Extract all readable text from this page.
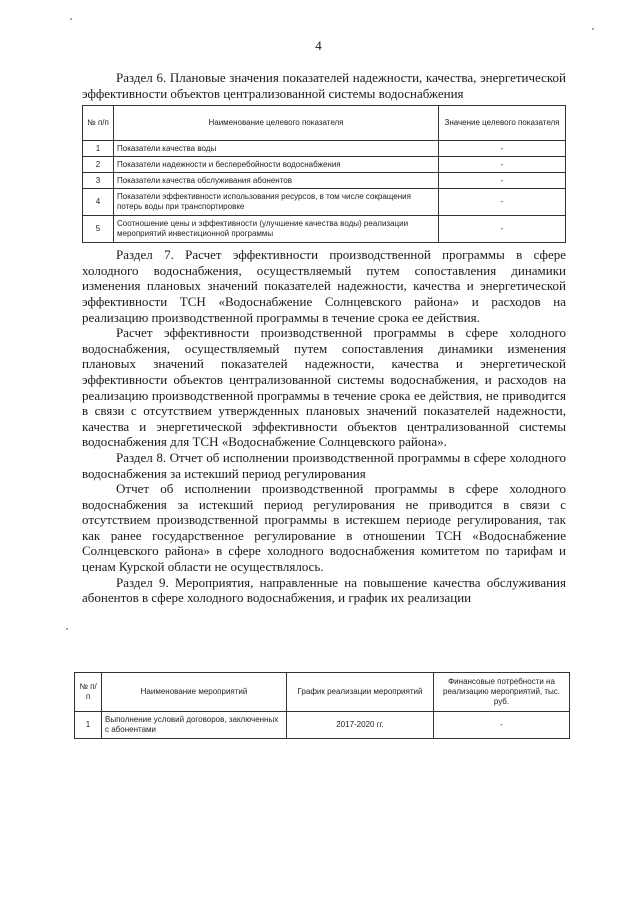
4

Раздел 6. Плановые значения показателей надежности, качества, энергетической эффективности объектов централизованной системы водоснабжения

№ п/п	Наименование целевого показателя	Значение целевого показателя
1	Показатели качества воды	-
2	Показатели надежности и бесперебойности водоснабжения	-
3	Показатели качества обслуживания абонентов	-
4	Показатели эффективности использования ресурсов, в том числе сокращения потерь воды при транспортировке	-
5	Соотношение цены и эффективности (улучшение качества воды) реализации мероприятий инвестиционной программы	-

Раздел 7. Расчет эффективности производственной программы в сфере холодного водоснабжения, осуществляемый путем сопоставления динамики изменения плановых значений показателей надежности, качества и энергетической эффективности ТСН «Водоснабжение Солнцевского района» и расходов на реализацию производственной программы в течение срока ее действия.

Расчет эффективности производственной программы в сфере холодного водоснабжения, осуществляемый путем сопоставления динамики изменения плановых значений показателей надежности, качества и энергетической эффективности объектов централизованной системы водоснабжения, и расходов на реализацию производственной программы в течение срока ее действия, не приводится в связи с отсутствием утвержденных плановых значений показателей надежности, качества и энергетической эффективности объектов централизованной системы водоснабжения для ТСН «Водоснабжение Солнцевского района».

Раздел 8. Отчет об исполнении производственной программы в сфере холодного водоснабжения за истекший период регулирования

Отчет об исполнении производственной программы в сфере холодного водоснабжения за истекший период регулирования не приводится в связи с отсутствием производственной программы в истекшем периоде регулирования, так как ранее государственное регулирование в отношении ТСН «Водоснабжение Солнцевского района» в сфере холодного водоснабжения комитетом по тарифам и ценам Курской области не осуществлялось.

Раздел 9. Мероприятия, направленные на повышение качества обслуживания абонентов в сфере холодного водоснабжения, и график их реализации

№ п/п	Наименование мероприятий	График реализации мероприятий	Финансовые потребности на реализацию мероприятий, тыс. руб.
1	Выполнение условий договоров, заключенных с абонентами	2017-2020 гг.	-
